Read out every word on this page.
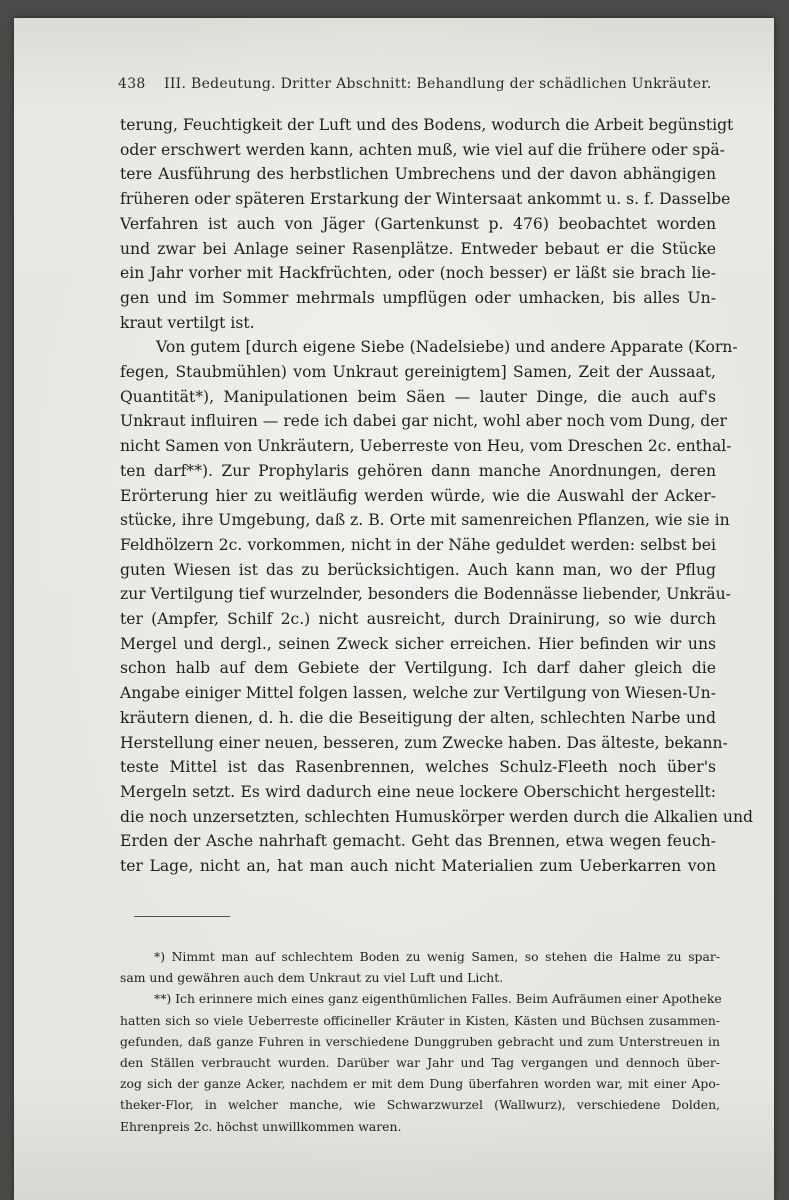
438 III. Bedeutung. Dritter Abschnitt: Behandlung der schädlichen Unkräuter.
terung, Feuchtigkeit der Luft und des Bodens, wodurch die Arbeit begünstigt
oder erschwert werden kann, achten muß, wie viel auf die frühere oder spä-
tere Ausführung des herbstlichen Umbrechens und der davon abhängigen
früheren oder späteren Erstarkung der Wintersaat ankommt u. s. f. Dasselbe
Verfahren ist auch von Jäger (Gartenkunst p. 476) beobachtet worden
und zwar bei Anlage seiner Rasenplätze. Entweder bebaut er die Stücke
ein Jahr vorher mit Hackfrüchten, oder (noch besser) er läßt sie brach lie-
gen und im Sommer mehrmals umpflügen oder umhacken, bis alles Un-
kraut vertilgt ist.
Von gutem [durch eigene Siebe (Nadelsiebe) und andere Apparate (Korn-
fegen, Staubmühlen) vom Unkraut gereinigtem] Samen, Zeit der Aussaat,
Quantität*), Manipulationen beim Säen — lauter Dinge, die auch auf's
Unkraut influiren — rede ich dabei gar nicht, wohl aber noch vom Dung, der
nicht Samen von Unkräutern, Ueberreste von Heu, vom Dreschen 2c. enthal-
ten darf**). Zur Prophylaris gehören dann manche Anordnungen, deren
Erörterung hier zu weitläufig werden würde, wie die Auswahl der Acker-
stücke, ihre Umgebung, daß z. B. Orte mit samenreichen Pflanzen, wie sie in
Feldhölzern 2c. vorkommen, nicht in der Nähe geduldet werden: selbst bei
guten Wiesen ist das zu berücksichtigen. Auch kann man, wo der Pflug
zur Vertilgung tief wurzelnder, besonders die Bodennässe liebender, Unkräu-
ter (Ampfer, Schilf 2c.) nicht ausreicht, durch Drainirung, so wie durch
Mergel und dergl., seinen Zweck sicher erreichen. Hier befinden wir uns
schon halb auf dem Gebiete der Vertilgung. Ich darf daher gleich die
Angabe einiger Mittel folgen lassen, welche zur Vertilgung von Wiesen-Un-
kräutern dienen, d. h. die die Beseitigung der alten, schlechten Narbe und
Herstellung einer neuen, besseren, zum Zwecke haben. Das älteste, bekann-
teste Mittel ist das Rasenbrennen, welches Schulz-Fleeth noch über's
Mergeln setzt. Es wird dadurch eine neue lockere Oberschicht hergestellt:
die noch unzersetzten, schlechten Humuskörper werden durch die Alkalien und
Erden der Asche nahrhaft gemacht. Geht das Brennen, etwa wegen feuch-
ter Lage, nicht an, hat man auch nicht Materialien zum Ueberkarren von
*) Nimmt man auf schlechtem Boden zu wenig Samen, so stehen die Halme zu spar-
sam und gewähren auch dem Unkraut zu viel Luft und Licht.
**) Ich erinnere mich eines ganz eigenthümlichen Falles. Beim Aufräumen einer Apotheke
hatten sich so viele Ueberreste officineller Kräuter in Kisten, Kästen und Büchsen zusammen-
gefunden, daß ganze Fuhren in verschiedene Dunggruben gebracht und zum Unterstreuen in
den Ställen verbraucht wurden. Darüber war Jahr und Tag vergangen und dennoch über-
zog sich der ganze Acker, nachdem er mit dem Dung überfahren worden war, mit einer Apo-
theker-Flor, in welcher manche, wie Schwarzwurzel (Wallwurz), verschiedene Dolden,
Ehrenpreis 2c. höchst unwillkommen waren.
